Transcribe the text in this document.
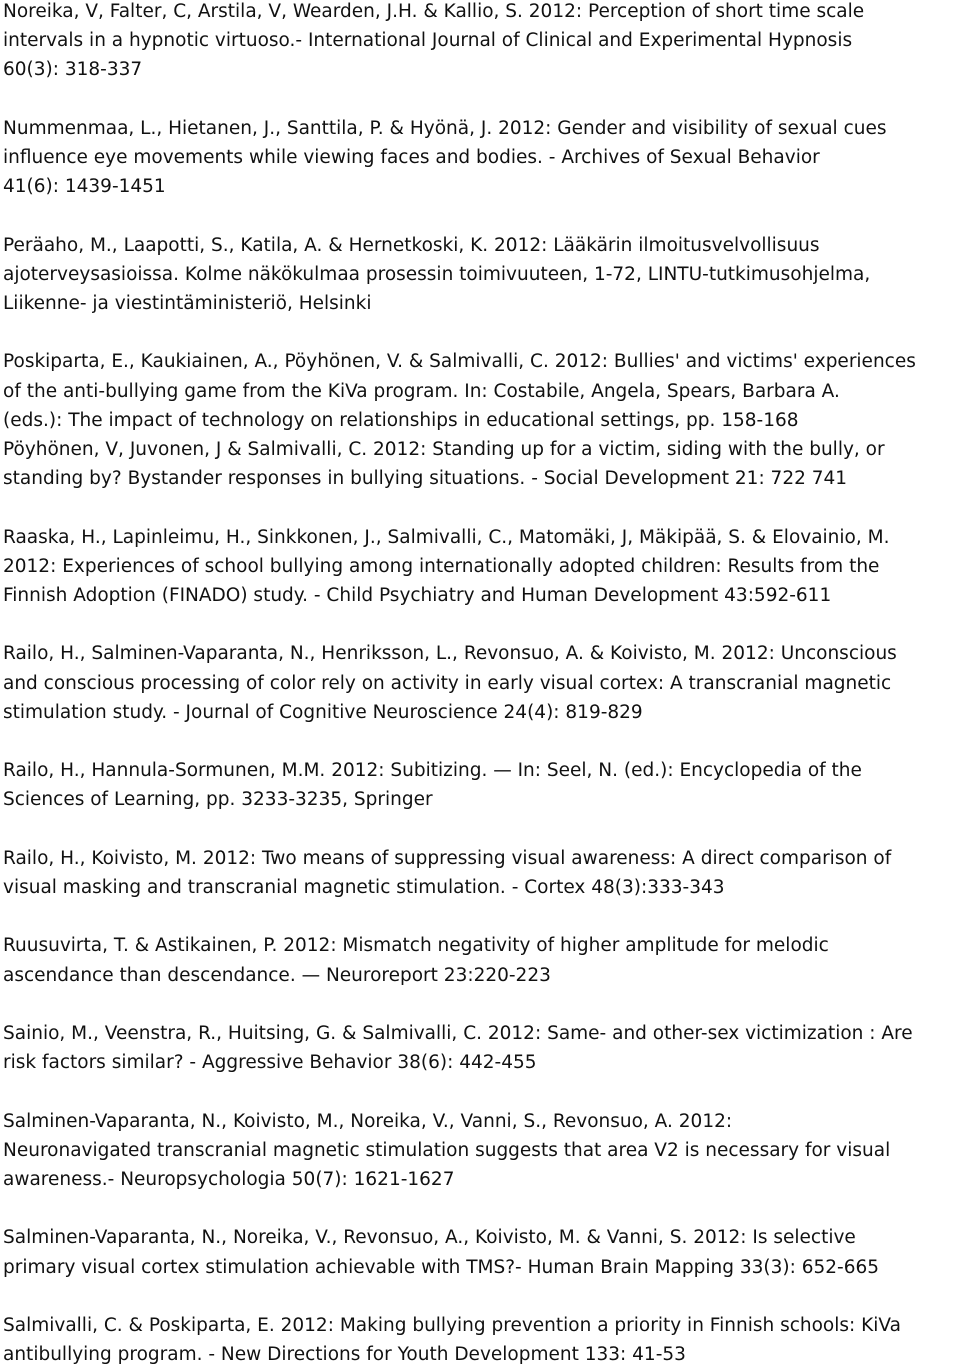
Noreika, V, Falter, C, Arstila, V, Wearden, J.H. & Kallio, S. 2012: Perception of short time scale
intervals in a hypnotic virtuoso.- International Journal of Clinical and Experimental Hypnosis
60(3): 318-337
Nummenmaa, L., Hietanen, J., Santtila, P. & Hyönä, J. 2012: Gender and visibility of sexual cues
influence eye movements while viewing faces and bodies. - Archives of Sexual Behavior
41(6): 1439-1451
Peräaho, M., Laapotti, S., Katila, A. & Hernetkoski, K. 2012: Lääkärin ilmoitusvelvollisuus
ajoterveysasioissa. Kolme näkökulmaa prosessin toimivuuteen, 1-72, LINTU-tutkimusohjelma,
Liikenne- ja viestintäministeriö, Helsinki
Poskiparta, E., Kaukiainen, A., Pöyhönen, V. & Salmivalli, C. 2012: Bullies' and victims' experiences
of the anti-bullying game from the KiVa program. In: Costabile, Angela, Spears, Barbara A.
(eds.): The impact of technology on relationships in educational settings, pp. 158-168
Pöyhönen, V, Juvonen, J & Salmivalli, C. 2012: Standing up for a victim, siding with the bully, or
standing by? Bystander responses in bullying situations. - Social Development 21: 722 741
Raaska, H., Lapinleimu, H., Sinkkonen, J., Salmivalli, C., Matomäki, J, Mäkipää, S. & Elovainio, M.
2012: Experiences of school bullying among internationally adopted children: Results from the
Finnish Adoption (FINADO) study. - Child Psychiatry and Human Development 43:592-611
Railo, H., Salminen-Vaparanta, N., Henriksson, L., Revonsuo, A. & Koivisto, M. 2012: Unconscious
and conscious processing of color rely on activity in early visual cortex: A transcranial magnetic
stimulation study. - Journal of Cognitive Neuroscience 24(4): 819-829
Railo, H., Hannula-Sormunen, M.M. 2012: Subitizing. — In: Seel, N. (ed.): Encyclopedia of the
Sciences of Learning, pp. 3233-3235, Springer
Railo, H., Koivisto, M. 2012: Two means of suppressing visual awareness: A direct comparison of
visual masking and transcranial magnetic stimulation. - Cortex 48(3):333-343
Ruusuvirta, T. & Astikainen, P. 2012: Mismatch negativity of higher amplitude for melodic
ascendance than descendance. — Neuroreport 23:220-223
Sainio, M., Veenstra, R., Huitsing, G. & Salmivalli, C. 2012: Same- and other-sex victimization : Are
risk factors similar? - Aggressive Behavior 38(6): 442-455
Salminen-Vaparanta, N., Koivisto, M., Noreika, V., Vanni, S., Revonsuo, A. 2012:
Neuronavigated transcranial magnetic stimulation suggests that area V2 is necessary for visual
awareness.- Neuropsychologia 50(7): 1621-1627
Salminen-Vaparanta, N., Noreika, V., Revonsuo, A., Koivisto, M. & Vanni, S. 2012: Is selective
primary visual cortex stimulation achievable with TMS?- Human Brain Mapping 33(3): 652-665
Salmivalli, C. & Poskiparta, E. 2012: Making bullying prevention a priority in Finnish schools: KiVa
antibullying program. - New Directions for Youth Development 133: 41-53
